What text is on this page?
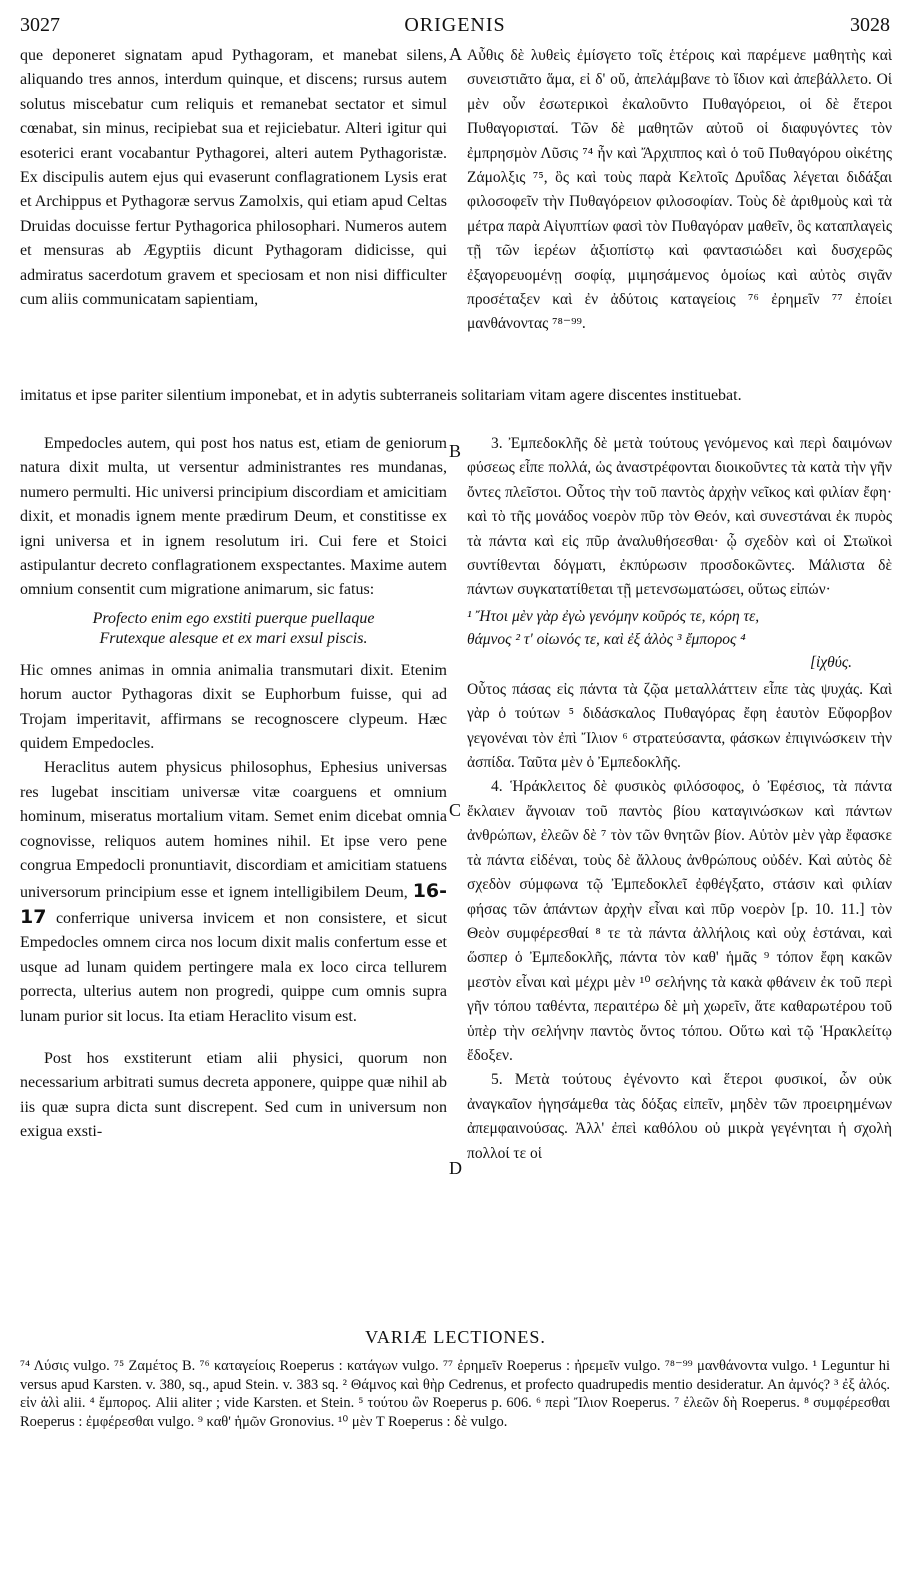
3027	ORIGENIS	3028

que deponeret signatam apud Pythagoram, et manebat silens, aliquando tres annos, interdum quinque, et discens; rursus autem solutus miscebatur cum reliquis et remanebat sectator et simul cœnabat, sin minus, recipiebat sua et rejiciebatur. Alteri igitur qui esoterici erant vocabantur Pythagorei, alteri autem Pythagoristæ. Ex discipulis autem ejus qui evaserunt conflagrationem Lysis erat et Archippus et Pythagoræ servus Zamolxis, qui etiam apud Celtas Druidas docuisse fertur Pythagorica philosophari. Numeros autem et mensuras ab Ægyptiis dicunt Pythagoram didicisse, qui admiratus sacerdotum gravem et speciosam et non nisi difficulter cum aliis communicatam sapientiam,

Αὖθις δὲ λυθεὶς ἐμίσγετο τοῖς ἑτέροις καὶ παρέμενε μαθητὴς καὶ συνειστιᾶτο ἅμα, εἰ δ' οὔ, ἀπελάμβανε τὸ ἴδιον καὶ ἀπεβάλλετο. Οἱ μὲν οὖν ἐσωτερικοὶ ἐκαλοῦντο Πυθαγόρειοι, οἱ δὲ ἕτεροι Πυθαγορισταί. Τῶν δὲ μαθητῶν αὐτοῦ οἱ διαφυγόντες τὸν ἐμπρησμὸν Λῦσις ⁷⁴ ἦν καὶ Ἄρχιππος καὶ ὁ τοῦ Πυθαγόρου οἰκέτης Ζάμολξις ⁷⁵, ὃς καὶ τοὺς παρὰ Κελτοῖς Δρυΐδας λέγεται διδάξαι φιλοσοφεῖν τὴν Πυθαγόρειον φιλοσοφίαν. Τοὺς δὲ ἀριθμοὺς καὶ τὰ μέτρα παρὰ Αἰγυπτίων φασὶ τὸν Πυθαγόραν μαθεῖν, ὃς καταπλαγεὶς τῇ τῶν ἱερέων ἀξιοπίστῳ καὶ φαντασιώδει καὶ δυσχερῶς ἐξαγορευομένῃ σοφίᾳ, μιμησάμενος ὁμοίως καὶ αὐτὸς σιγᾶν προσέταξεν καὶ ἐν ἀδύτοις καταγείοις ⁷⁶ ἐρημεῖν ⁷⁷ ἐποίει μανθάνοντας ⁷⁸⁻⁹⁹.

imitatus et ipse pariter silentium imponebat, et in adytis subterraneis solitariam vitam agere discentes instituebat.

Empedocles autem, qui post hos natus est, etiam de geniorum natura dixit multa, ut versentur administrantes res mundanas, numero permulti. Hic universi principium discordiam et amicitiam dixit, et monadis ignem mente prædirum Deum, et constitisse ex igni universa et in ignem resolutum iri. Cui fere et Stoici astipulantur decreto conflagrationem exspectantes. Maxime autem omnium consentit cum migratione animarum, sic fatus:

Profecto enim ego exstiti puerque puellaque
Frutexque alesque et ex mari exsul piscis.

Hic omnes animas in omnia animalia transmutari dixit. Etenim horum auctor Pythagoras dixit se Euphorbum fuisse, qui ad Trojam imperitavit, affirmans se recognoscere clypeum. Hæc quidem Empedocles.

Heraclitus autem physicus philosophus, Ephesius universas res lugebat inscitiam universæ vitæ coarguens et omnium hominum, miseratus mortalium vitam. Semet enim dicebat omnia cognovisse, reliquos autem homines nihil. Et ipse vero pene congrua Empedocli pronuntiavit, discordiam et amicitiam statuens universorum principium esse et ignem intelligibilem Deum, 16-17 conferrique universa invicem et non consistere, et sicut Empedocles omnem circa nos locum dixit malis confertum esse et usque ad lunam quidem pertingere mala ex loco circa tellurem porrecta, ulterius autem non progredi, quippe cum omnis supra lunam purior sit locus. Ita etiam Heraclito visum est.

Post hos exstiterunt etiam alii physici, quorum non necessarium arbitrati sumus decreta apponere, quippe quæ nihil ab iis quæ supra dicta sunt discrepent. Sed cum in universum non exigua exsti-

3. Ἐμπεδοκλῆς δὲ μετὰ τούτους γενόμενος καὶ περὶ δαιμόνων φύσεως εἶπε πολλά, ὡς ἀναστρέφονται διοικοῦντες τὰ κατὰ τὴν γῆν ὄντες πλεῖστοι. Οὗτος τὴν τοῦ παντὸς ἀρχὴν νεῖκος καὶ φιλίαν ἔφη· καὶ τὸ τῆς μονάδος νοερὸν πῦρ τὸν Θεόν, καὶ συνεστάναι ἐκ πυρὸς τὰ πάντα καὶ εἰς πῦρ ἀναλυθήσεσθαι· ᾧ σχεδὸν καὶ οἱ Στωϊκοὶ συντίθενται δόγματι, ἐκπύρωσιν προσδοκῶντες. Μάλιστα δὲ πάντων συγκατατίθεται τῇ μετενσωματώσει, οὕτως εἰπών·

¹ Ἤτοι μὲν γὰρ ἐγὼ γενόμην κοῦρός τε, κόρη τε,
θάμνος ² τ' οἰωνός τε, καὶ ἐξ ἁλὸς ³ ἔμπορος ⁴

[ἰχθύς.

Οὗτος πάσας εἰς πάντα τὰ ζῷα μεταλλάττειν εἶπε τὰς ψυχάς. Καὶ γὰρ ὁ τούτων ⁵ διδάσκαλος Πυθαγόρας ἔφη ἑαυτὸν Εὔφορβον γεγονέναι τὸν ἐπὶ Ἴλιον ⁶ στρατεύσαντα, φάσκων ἐπιγινώσκειν τὴν ἀσπίδα. Ταῦτα μὲν ὁ Ἐμπεδοκλῆς.

4. Ἡράκλειτος δὲ φυσικὸς φιλόσοφος, ὁ Ἐφέσιος, τὰ πάντα ἔκλαιεν ἄγνοιαν τοῦ παντὸς βίου καταγινώσκων καὶ πάντων ἀνθρώπων, ἐλεῶν δὲ ⁷ τὸν τῶν θνητῶν βίον. Αὑτὸν μὲν γὰρ ἔφασκε τὰ πάντα εἰδέναι, τοὺς δὲ ἄλλους ἀνθρώπους οὐδέν. Καὶ αὐτὸς δὲ σχεδὸν σύμφωνα τῷ Ἐμπεδοκλεῖ ἐφθέγξατο, στάσιν καὶ φιλίαν φήσας τῶν ἁπάντων ἀρχὴν εἶναι καὶ πῦρ νοερὸν [p. 10. 11.] τὸν Θεὸν συμφέρεσθαί ⁸ τε τὰ πάντα ἀλλήλοις καὶ οὐχ ἑστάναι, καὶ ὥσπερ ὁ Ἐμπεδοκλῆς, πάντα τὸν καθ' ἡμᾶς ⁹ τόπον ἔφη κακῶν μεστὸν εἶναι καὶ μέχρι μὲν ¹⁰ σελήνης τὰ κακὰ φθάνειν ἐκ τοῦ περὶ γῆν τόπου ταθέντα, περαιτέρω δὲ μὴ χωρεῖν, ἅτε καθαρωτέρου τοῦ ὑπὲρ τὴν σελήνην παντὸς ὄντος τόπου. Οὕτω καὶ τῷ Ἡρακλείτῳ ἔδοξεν.

5. Μετὰ τούτους ἐγένοντο καὶ ἕτεροι φυσικοί, ὧν οὐκ ἀναγκαῖον ἡγησάμεθα τὰς δόξας εἰπεῖν, μηδὲν τῶν προειρημένων ἀπεμφαινούσας. Ἀλλ' ἐπεὶ καθόλου οὐ μικρὰ γεγένηται ἡ σχολὴ πολλοί τε οἱ

A
B
C
D
VARIÆ LECTIONES.
⁷⁴ Λύσις vulgo. ⁷⁵ Ζαμέτος B. ⁷⁶ καταγείοις Roeperus : κατάγων vulgo. ⁷⁷ ἐρημεῖν Roeperus : ἠρεμεῖν vulgo. ⁷⁸⁻⁹⁹ μανθάνοντα vulgo. ¹ Leguntur hi versus apud Karsten. v. 380, sq., apud Stein. v. 383 sq. ² Θάμνος καὶ θὴρ Cedrenus, et profecto quadrupedis mentio desideratur. An ἀμνός? ³ ἐξ ἁλός. εἰν ἁλὶ alii. ⁴ ἔμπορος. Alii aliter ; vide Karsten. et Stein. ⁵ τούτου ὢν Roeperus p. 606. ⁶ περὶ Ἴλιον Roeperus. ⁷ ἐλεῶν δὴ Roeperus. ⁸ συμφέρεσθαι Roeperus : ἐμφέρεσθαι vulgo. ⁹ καθ' ἡμῶν Gronovius. ¹⁰ μὲν T Roeperus : δὲ vulgo.
